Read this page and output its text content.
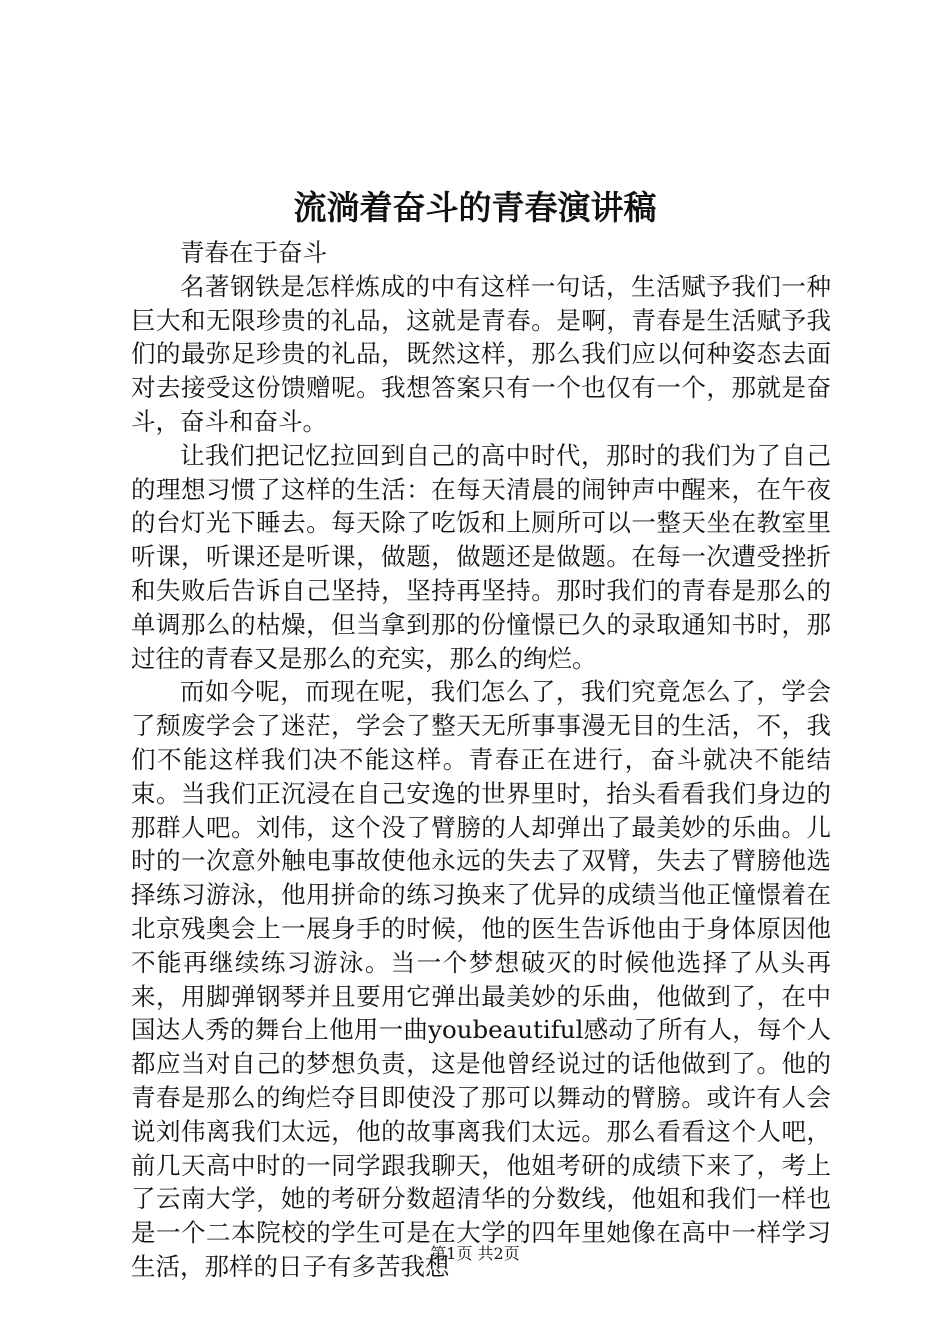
流淌着奋斗的青春演讲稿

青春在于奋斗

名著钢铁是怎样炼成的中有这样一句话，生活赋予我们一种巨大和无限珍贵的礼品，这就是青春。是啊，青春是生活赋予我们的最弥足珍贵的礼品，既然这样，那么我们应以何种姿态去面对去接受这份馈赠呢。我想答案只有一个也仅有一个，那就是奋斗，奋斗和奋斗。

让我们把记忆拉回到自己的高中时代，那时的我们为了自己的理想习惯了这样的生活：在每天清晨的闹钟声中醒来，在午夜的台灯光下睡去。每天除了吃饭和上厕所可以一整天坐在教室里听课，听课还是听课，做题，做题还是做题。在每一次遭受挫折和失败后告诉自己坚持，坚持再坚持。那时我们的青春是那么的单调那么的枯燥，但当拿到那的份憧憬已久的录取通知书时，那过往的青春又是那么的充实，那么的绚烂。

而如今呢，而现在呢，我们怎么了，我们究竟怎么了，学会了颓废学会了迷茫，学会了整天无所事事漫无目的生活，不，我们不能这样我们决不能这样。青春正在进行，奋斗就决不能结束。当我们正沉浸在自己安逸的世界里时，抬头看看我们身边的那群人吧。刘伟，这个没了臂膀的人却弹出了最美妙的乐曲。儿时的一次意外触电事故使他永远的失去了双臂，失去了臂膀他选择练习游泳，他用拼命的练习换来了优异的成绩当他正憧憬着在北京残奥会上一展身手的时候，他的医生告诉他由于身体原因他不能再继续练习游泳。当一个梦想破灭的时候他选择了从头再来，用脚弹钢琴并且要用它弹出最美妙的乐曲，他做到了，在中国达人秀的舞台上他用一曲youbeautiful感动了所有人，每个人都应当对自己的梦想负责，这是他曾经说过的话他做到了。他的青春是那么的绚烂夺目即使没了那可以舞动的臂膀。或许有人会说刘伟离我们太远，他的故事离我们太远。那么看看这个人吧，前几天高中时的一同学跟我聊天，他姐考研的成绩下来了，考上了云南大学，她的考研分数超清华的分数线，他姐和我们一样也是一个二本院校的学生可是在大学的四年里她像在高中一样学习生活，那样的日子有多苦我想

第1页 共2页
